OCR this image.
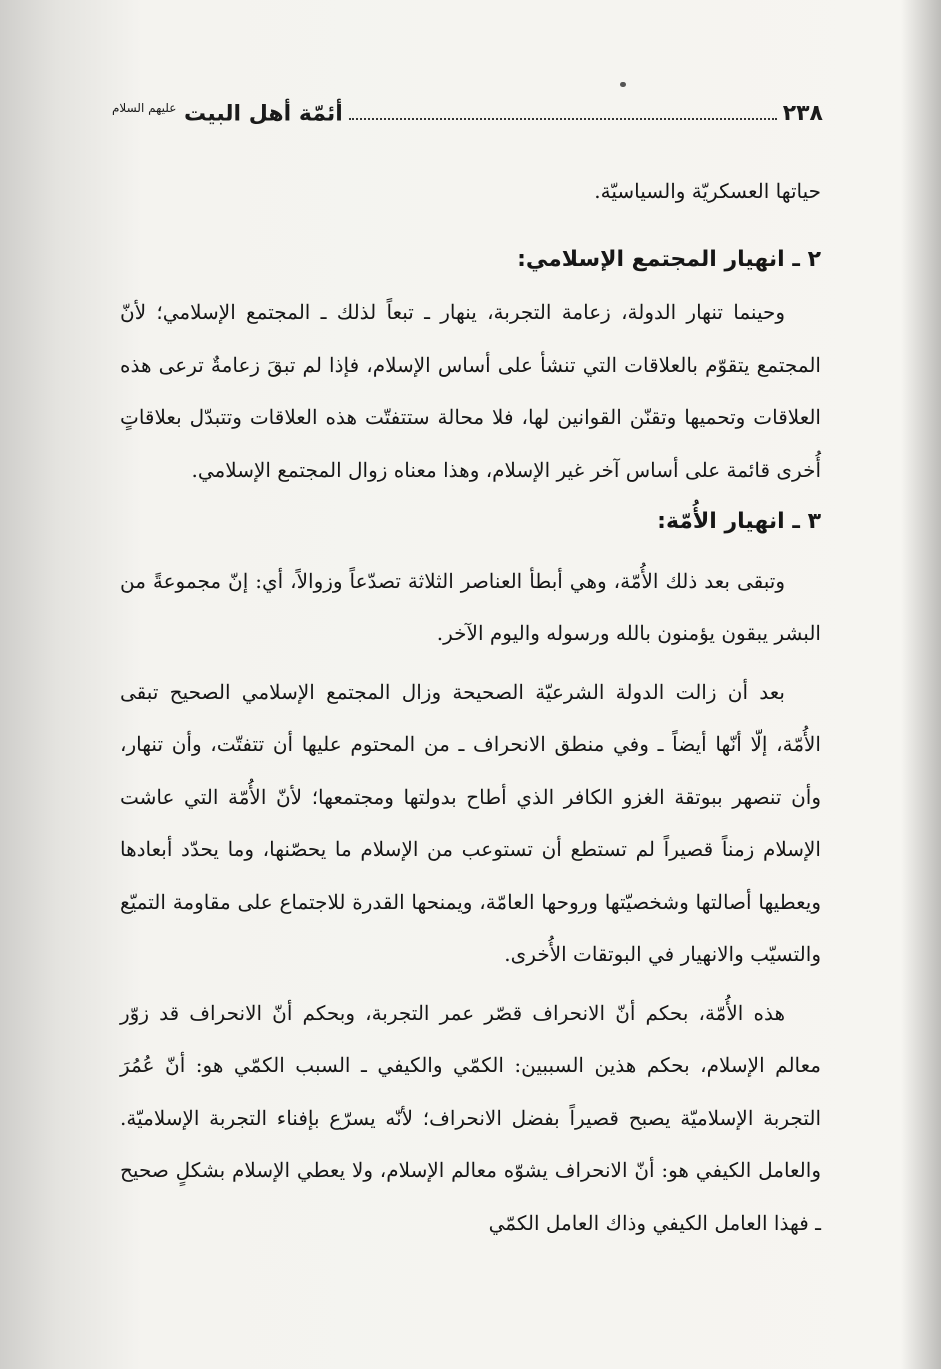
٢٣٨
أئمّة أهل البيت $^{عليهم السلام}$

حياتها العسكريّة والسياسيّة.

٢ ـ انهيار المجتمع الإسلامي:

وحينما تنهار الدولة، زعامة التجربة، ينهار ـ تبعاً لذلك ـ المجتمع الإسلامي؛ لأنّ المجتمع يتقوّم بالعلاقات التي تنشأ على أساس الإسلام، فإذا لم تبقَ زعامةٌ ترعى هذه العلاقات وتحميها وتقنّن القوانين لها، فلا محالة ستتفتّت هذه العلاقات وتتبدّل بعلاقاتٍ أُخرى قائمة على أساس آخر غير الإسلام، وهذا معناه زوال المجتمع الإسلامي.

٣ ـ انهيار الأُمّة:

وتبقى بعد ذلك الأُمّة، وهي أبطأ العناصر الثلاثة تصدّعاً وزوالاً، أي: إنّ مجموعةً من البشر يبقون يؤمنون بالله ورسوله واليوم الآخر.

بعد أن زالت الدولة الشرعيّة الصحيحة وزال المجتمع الإسلامي الصحيح تبقى الأُمّة، إلّا أنّها أيضاً ـ وفي منطق الانحراف ـ من المحتوم عليها أن تتفتّت، وأن تنهار، وأن تنصهر ببوتقة الغزو الكافر الذي أطاح بدولتها ومجتمعها؛ لأنّ الأُمّة التي عاشت الإسلام زمناً قصيراً لم تستطع أن تستوعب من الإسلام ما يحصّنها، وما يحدّد أبعادها ويعطيها أصالتها وشخصيّتها وروحها العامّة، ويمنحها القدرة للاجتماع على مقاومة التميّع والتسيّب والانهيار في البوتقات الأُخرى.

هذه الأُمّة، بحكم أنّ الانحراف قصّر عمر التجربة، وبحكم أنّ الانحراف قد زوّر معالم الإسلام، بحكم هذين السببين: الكمّي والكيفي ـ السبب الكمّي هو: أنّ عُمُرَ التجربة الإسلاميّة يصبح قصيراً بفضل الانحراف؛ لأنّه يسرّع بإفناء التجربة الإسلاميّة. والعامل الكيفي هو: أنّ الانحراف يشوّه معالم الإسلام، ولا يعطي الإسلام بشكلٍ صحيح ـ فهذا العامل الكيفي وذاك العامل الكمّي
